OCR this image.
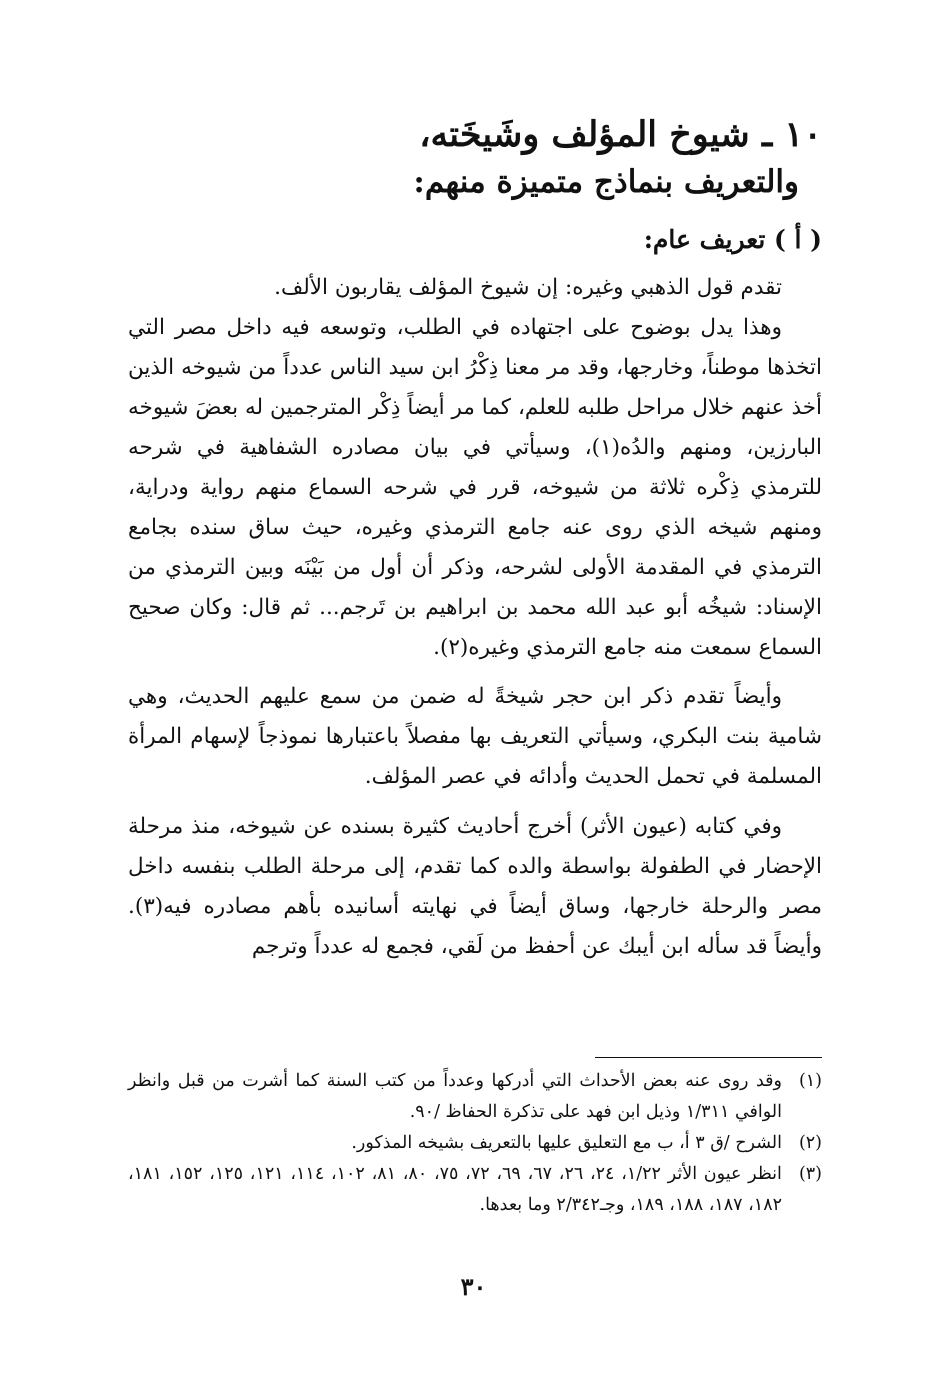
١٠ ـ شيوخ المؤلف وشَيخَته،
والتعريف بنماذج متميزة منهم:
( أ ) تعريف عام:

تقدم قول الذهبي وغيره: إن شيوخ المؤلف يقاربون الألف.

وهذا يدل بوضوح على اجتهاده في الطلب، وتوسعه فيه داخل مصر التي اتخذها موطناً، وخارجها، وقد مر معنا ذِكْرُ ابن سيد الناس عدداً من شيوخه الذين أخذ عنهم خلال مراحل طلبه للعلم، كما مر أيضاً ذِكْر المترجمين له بعضَ شيوخه البارزين، ومنهم والدُه(١)، وسيأتي في بيان مصادره الشفاهية في شرحه للترمذي ذِكْره ثلاثة من شيوخه، قرر في شرحه السماع منهم رواية ودراية، ومنهم شيخه الذي روى عنه جامع الترمذي وغيره، حيث ساق سنده بجامع الترمذي في المقدمة الأولى لشرحه، وذكر أن أول من بَيْنَه وبين الترمذي من الإسناد: شيخُه أبو عبد الله محمد بن ابراهيم بن تَرجم... ثم قال: وكان صحيح السماع سمعت منه جامع الترمذي وغيره(٢).

وأيضاً تقدم ذكر ابن حجر شيخةً له ضمن من سمع عليهم الحديث، وهي شامية بنت البكري، وسيأتي التعريف بها مفصلاً باعتبارها نموذجاً لإسهام المرأة المسلمة في تحمل الحديث وأدائه في عصر المؤلف.

وفي كتابه (عيون الأثر) أخرج أحاديث كثيرة بسنده عن شيوخه، منذ مرحلة الإحضار في الطفولة بواسطة والده كما تقدم، إلى مرحلة الطلب بنفسه داخل مصر والرحلة خارجها، وساق أيضاً في نهايته أسانيده بأهم مصادره فيه(٣). وأيضاً قد سأله ابن أيبك عن أحفظ من لَقي، فجمع له عدداً وترجم

(١)
وقد روى عنه بعض الأحداث التي أدركها وعدداً من كتب السنة كما أشرت من قبل وانظر الوافي ١/٣١١ وذيل ابن فهد على تذكرة الحفاظ /٩٠.
(٢)
الشرح /ق ٣ أ، ب مع التعليق عليها بالتعريف بشيخه المذكور.
(٣)
انظر عيون الأثر ١/٢٢، ٢٤، ٢٦، ٦٧، ٦٩، ٧٢، ٧٥، ٨٠، ٨١، ١٠٢، ١١٤، ١٢١، ١٢٥، ١٥٢، ١٨١، ١٨٢، ١٨٧، ١٨٨، ١٨٩، وجـ٢/٣٤٢ وما بعدها.
٣٠
